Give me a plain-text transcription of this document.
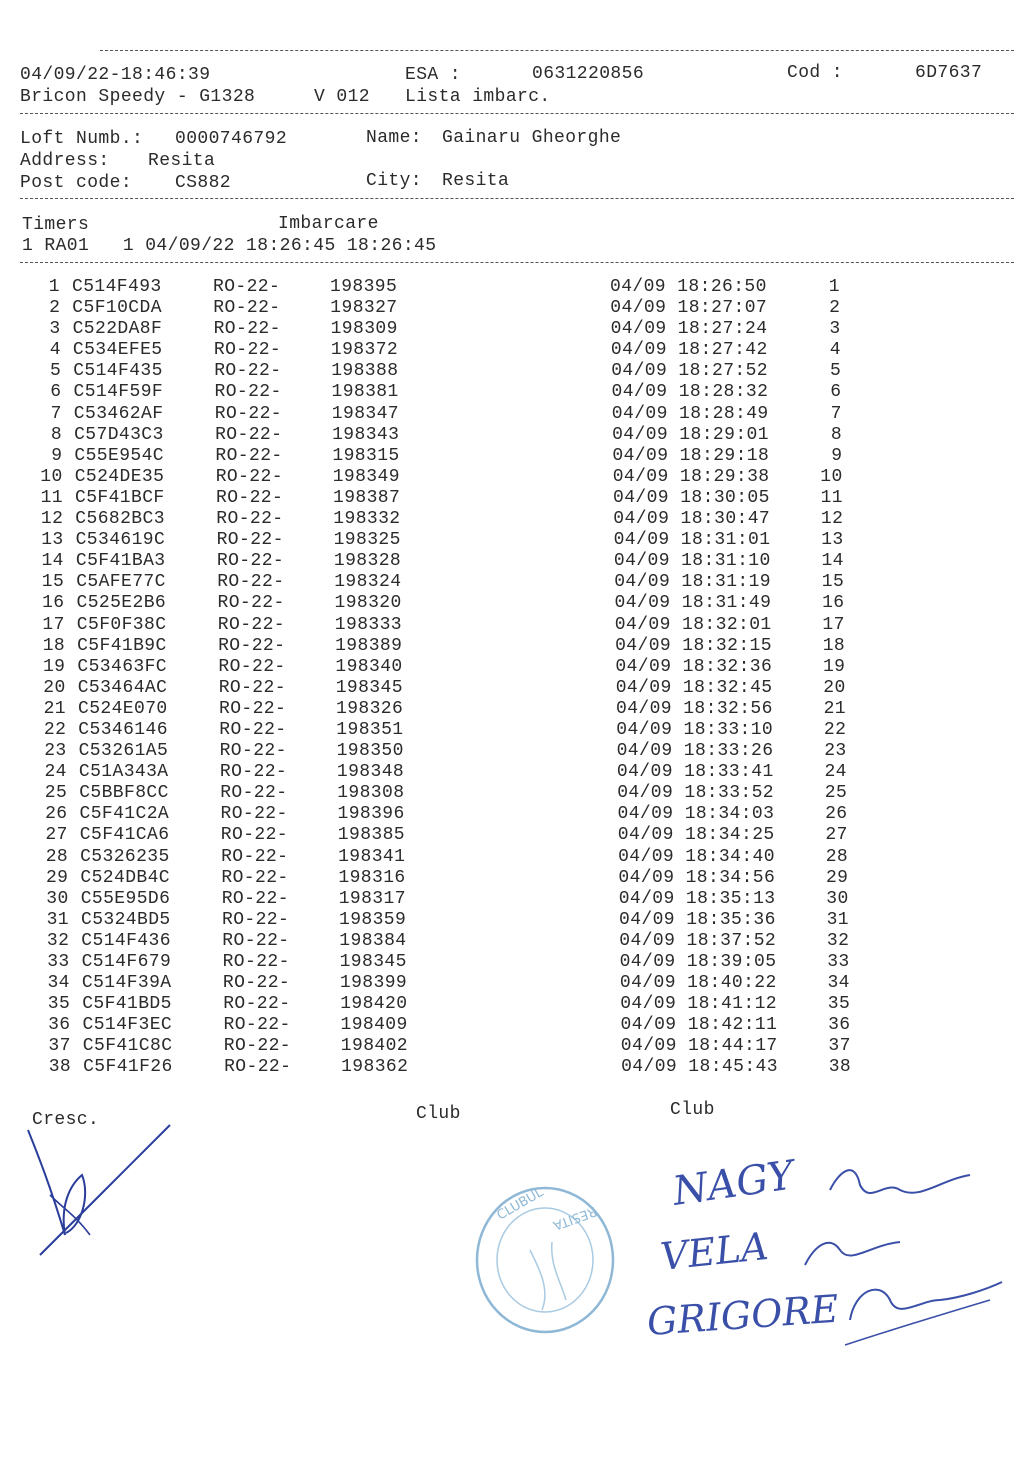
04/09/22-18:46:39	ESA :	0631220856	Cod :	6D7637
Bricon Speedy - G1328	V 012 Lista imbarc.
Loft Numb.: 0000746792	Name: Gainaru Gheorghe
Address: Resita
Post code: CS882	City: Resita
Timers	Imbarcare
1 RA01   1 04/09/22 18:26:45 18:26:45
1 C514F493	RO-22-	198395	04/09 18:26:50	1
2 C5F10CDA	RO-22-	198327	04/09 18:27:07	2
3 C522DA8F	RO-22-	198309	04/09 18:27:24	3
4 C534EFE5	RO-22-	198372	04/09 18:27:42	4
5 C514F435	RO-22-	198388	04/09 18:27:52	5
6 C514F59F	RO-22-	198381	04/09 18:28:32	6
7 C53462AF	RO-22-	198347	04/09 18:28:49	7
8 C57D43C3	RO-22-	198343	04/09 18:29:01	8
9 C55E954C	RO-22-	198315	04/09 18:29:18	9
10 C524DE35	RO-22-	198349	04/09 18:29:38	10
11 C5F41BCF	RO-22-	198387	04/09 18:30:05	11
12 C5682BC3	RO-22-	198332	04/09 18:30:47	12
13 C534619C	RO-22-	198325	04/09 18:31:01	13
14 C5F41BA3	RO-22-	198328	04/09 18:31:10	14
15 C5AFE77C	RO-22-	198324	04/09 18:31:19	15
16 C525E2B6	RO-22-	198320	04/09 18:31:49	16
17 C5F0F38C	RO-22-	198333	04/09 18:32:01	17
18 C5F41B9C	RO-22-	198389	04/09 18:32:15	18
19 C53463FC	RO-22-	198340	04/09 18:32:36	19
20 C53464AC	RO-22-	198345	04/09 18:32:45	20
21 C524E070	RO-22-	198326	04/09 18:32:56	21
22 C5346146	RO-22-	198351	04/09 18:33:10	22
23 C53261A5	RO-22-	198350	04/09 18:33:26	23
24 C51A343A	RO-22-	198348	04/09 18:33:41	24
25 C5BBF8CC	RO-22-	198308	04/09 18:33:52	25
26 C5F41C2A	RO-22-	198396	04/09 18:34:03	26
27 C5F41CA6	RO-22-	198385	04/09 18:34:25	27
28 C5326235	RO-22-	198341	04/09 18:34:40	28
29 C524DB4C	RO-22-	198316	04/09 18:34:56	29
30 C55E95D6	RO-22-	198317	04/09 18:35:13	30
31 C5324BD5	RO-22-	198359	04/09 18:35:36	31
32 C514F436	RO-22-	198384	04/09 18:37:52	32
33 C514F679	RO-22-	198345	04/09 18:39:05	33
34 C514F39A	RO-22-	198399	04/09 18:40:22	34
35 C5F41BD5	RO-22-	198420	04/09 18:41:12	35
36 C514F3EC	RO-22-	198409	04/09 18:42:11	36
37 C5F41C8C	RO-22-	198402	04/09 18:44:17	37
38 C5F41F26	RO-22-	198362	04/09 18:45:43	38
Cresc.	Club	Club
CLUBUL RESITA
NAGY
VELA
GRIGORE
